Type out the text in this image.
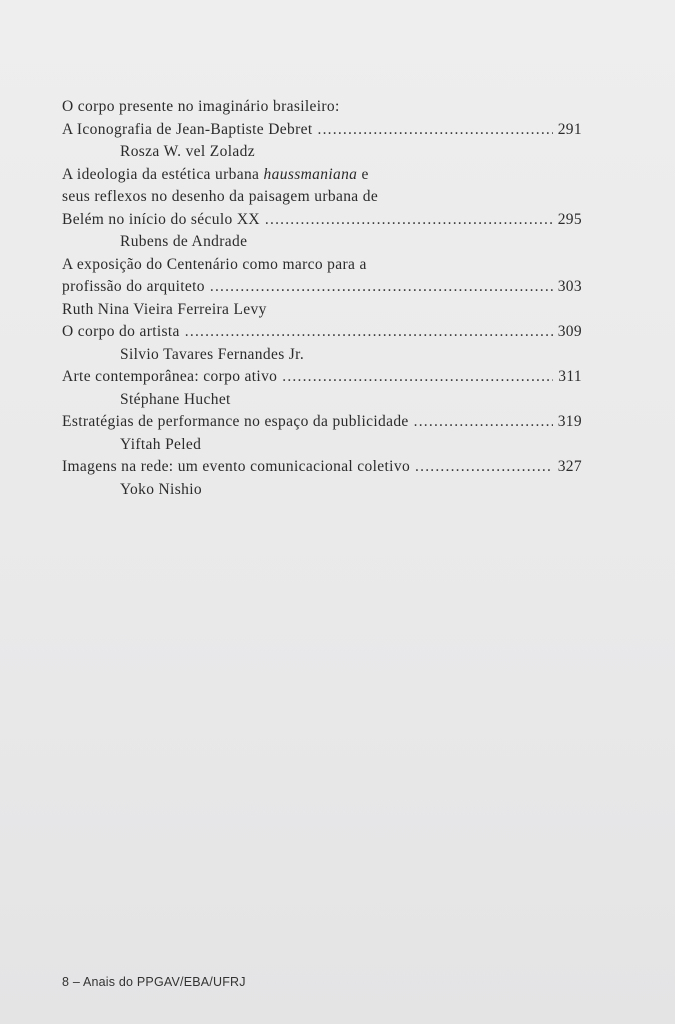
O corpo presente no imaginário brasileiro:
A Iconografia de Jean-Baptiste Debret .....	291
Rosza W. vel Zoladz
A ideologia da estética urbana haussmaniana e
seus reflexos no desenho da paisagem urbana de
Belém no início do século XX .....	295
Rubens de Andrade
A exposição do Centenário como marco para a
profissão do arquiteto .....	303
Ruth Nina Vieira Ferreira Levy
O corpo do artista .....	309
Silvio Tavares Fernandes Jr.
Arte contemporânea: corpo ativo .....	311
Stéphane Huchet
Estratégias de performance no espaço da publicidade .....	319
Yiftah Peled
Imagens na rede: um evento comunicacional coletivo .....	327
Yoko Nishio
8 – Anais do PPGAV/EBA/UFRJ
